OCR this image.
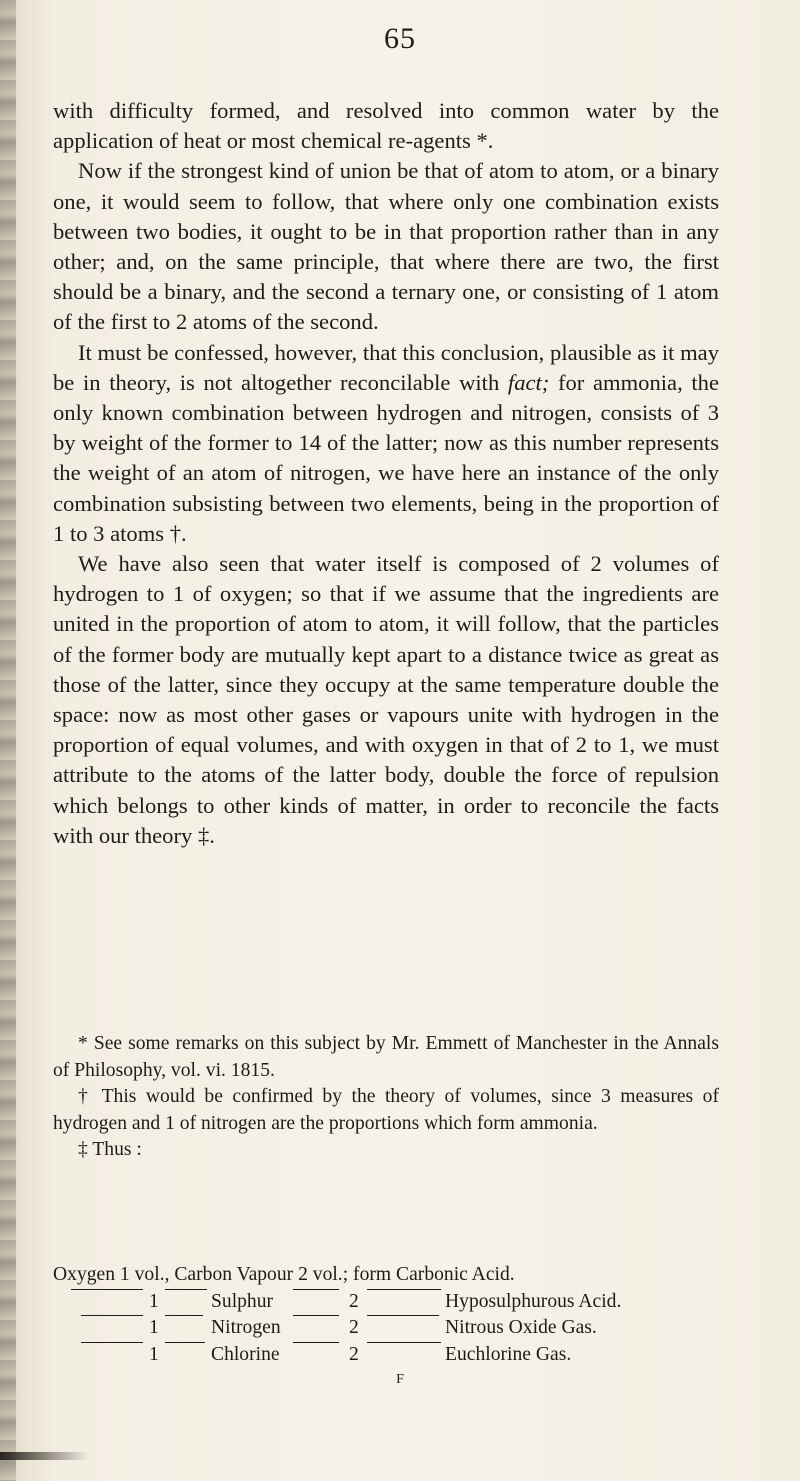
65

with difficulty formed, and resolved into common water by the application of heat or most chemical re-agents *.

Now if the strongest kind of union be that of atom to atom, or a binary one, it would seem to follow, that where only one combination exists between two bodies, it ought to be in that proportion rather than in any other; and, on the same principle, that where there are two, the first should be a binary, and the second a ternary one, or consisting of 1 atom of the first to 2 atoms of the second.

It must be confessed, however, that this conclusion, plausible as it may be in theory, is not altogether reconcilable with fact; for ammonia, the only known combination between hydrogen and nitrogen, consists of 3 by weight of the former to 14 of the latter; now as this number represents the weight of an atom of nitrogen, we have here an instance of the only combination subsisting between two elements, being in the proportion of 1 to 3 atoms †.

We have also seen that water itself is composed of 2 volumes of hydrogen to 1 of oxygen; so that if we assume that the ingredients are united in the proportion of atom to atom, it will follow, that the particles of the former body are mutually kept apart to a distance twice as great as those of the latter, since they occupy at the same temperature double the space: now as most other gases or vapours unite with hydrogen in the proportion of equal volumes, and with oxygen in that of 2 to 1, we must attribute to the atoms of the latter body, double the force of repulsion which belongs to other kinds of matter, in order to reconcile the facts with our theory ‡.

* See some remarks on this subject by Mr. Emmett of Manchester in the Annals of Philosophy, vol. vi. 1815.

† This would be confirmed by the theory of volumes, since 3 measures of hydrogen and 1 of nitrogen are the proportions which form ammonia.

‡ Thus :

Oxygen 1 vol., Carbon Vapour 2 vol.; form Carbonic Acid.
1	Sulphur	2	Hyposulphurous Acid.
1	Nitrogen	2	Nitrous Oxide Gas.
1	Chlorine	2	Euchlorine Gas.
F
